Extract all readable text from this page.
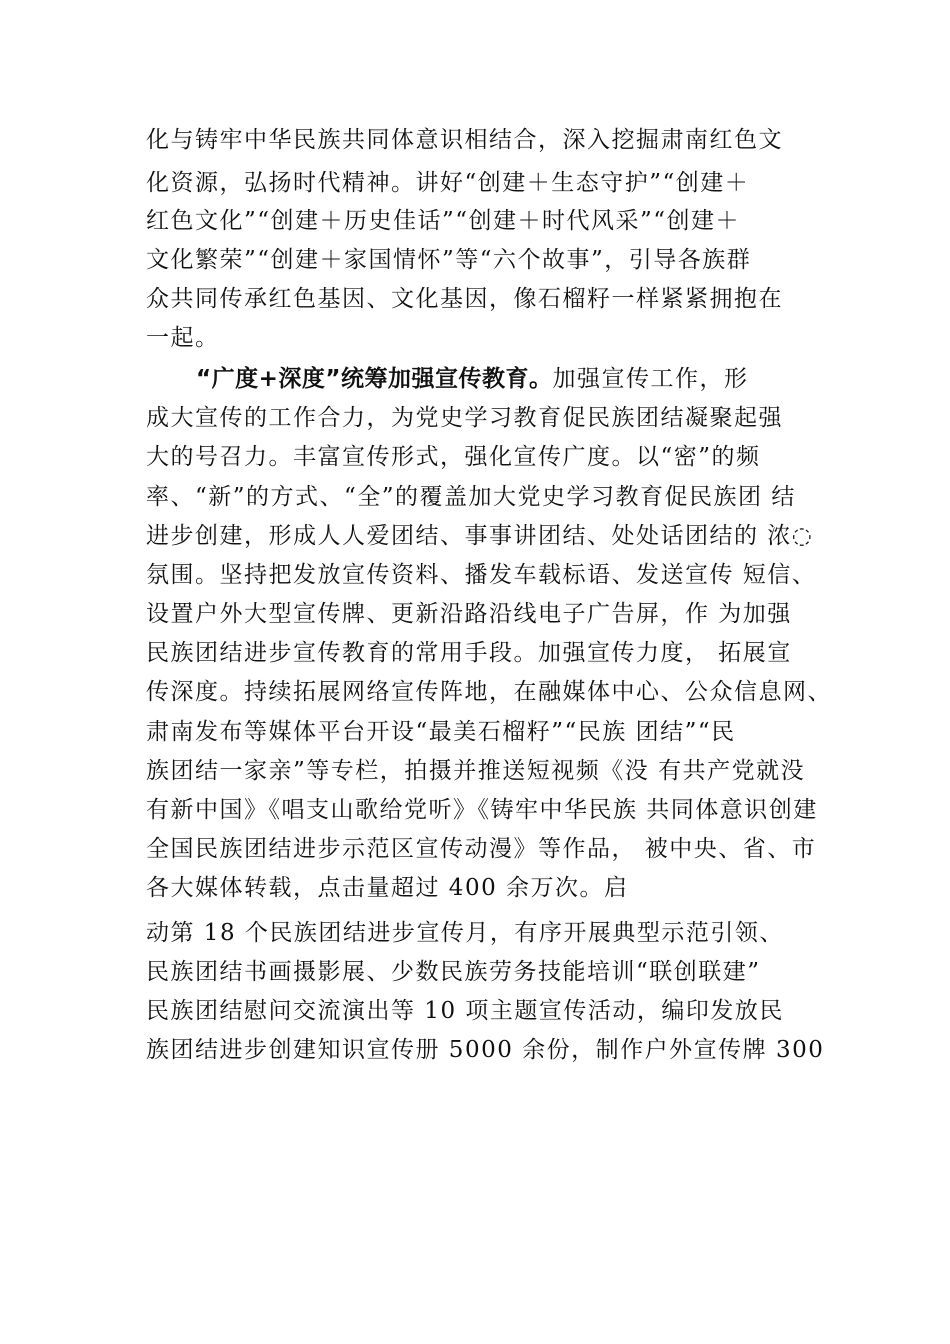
化与铸牢中华民族共同体意识相结合，深入挖掘肃南红色文
化资源，弘扬时代精神。讲好“创建＋生态守护”“创建＋
红色文化”“创建＋历史佳话”“创建＋时代风采”“创建＋
文化繁荣”“创建＋家国情怀”等“六个故事”，引导各族群
众共同传承红色基因、文化基因，像石榴籽一样紧紧拥抱在
一起。
“广度+深度”统筹加强宣传教育。加强宣传工作，形
成大宣传的工作合力，为党史学习教育促民族团结凝聚起强
大的号召力。丰富宣传形式，强化宣传广度。以“密”的频
率、“新”的方式、“全”的覆盖加大党史学习教育促民族团 结
进步创建，形成人人爱团结、事事讲团结、处处话团结的 浓◌
氛围。坚持把发放宣传资料、播发车载标语、发送宣传 短信、
设置户外大型宣传牌、更新沿路沿线电子广告屏，作 为加强
民族团结进步宣传教育的常用手段。加强宣传力度， 拓展宣
传深度。持续拓展网络宣传阵地，在融媒体中心、公众信息网、
肃南发布等媒体平台开设“最美石榴籽”“民族 团结”“民
族团结一家亲”等专栏，拍摄并推送短视频《没 有共产党就没
有新中国》《唱支山歌给党听》《铸牢中华民族 共同体意识创建
全国民族团结进步示范区宣传动漫》等作品， 被中央、省、市
各大媒体转载，点击量超过 400 余万次。启
动第 18 个民族团结进步宣传月，有序开展典型示范引领、
民族团结书画摄影展、少数民族劳务技能培训“联创联建”
民族团结慰问交流演出等 10 项主题宣传活动，编印发放民
族团结进步创建知识宣传册 5000 余份，制作户外宣传牌 300
